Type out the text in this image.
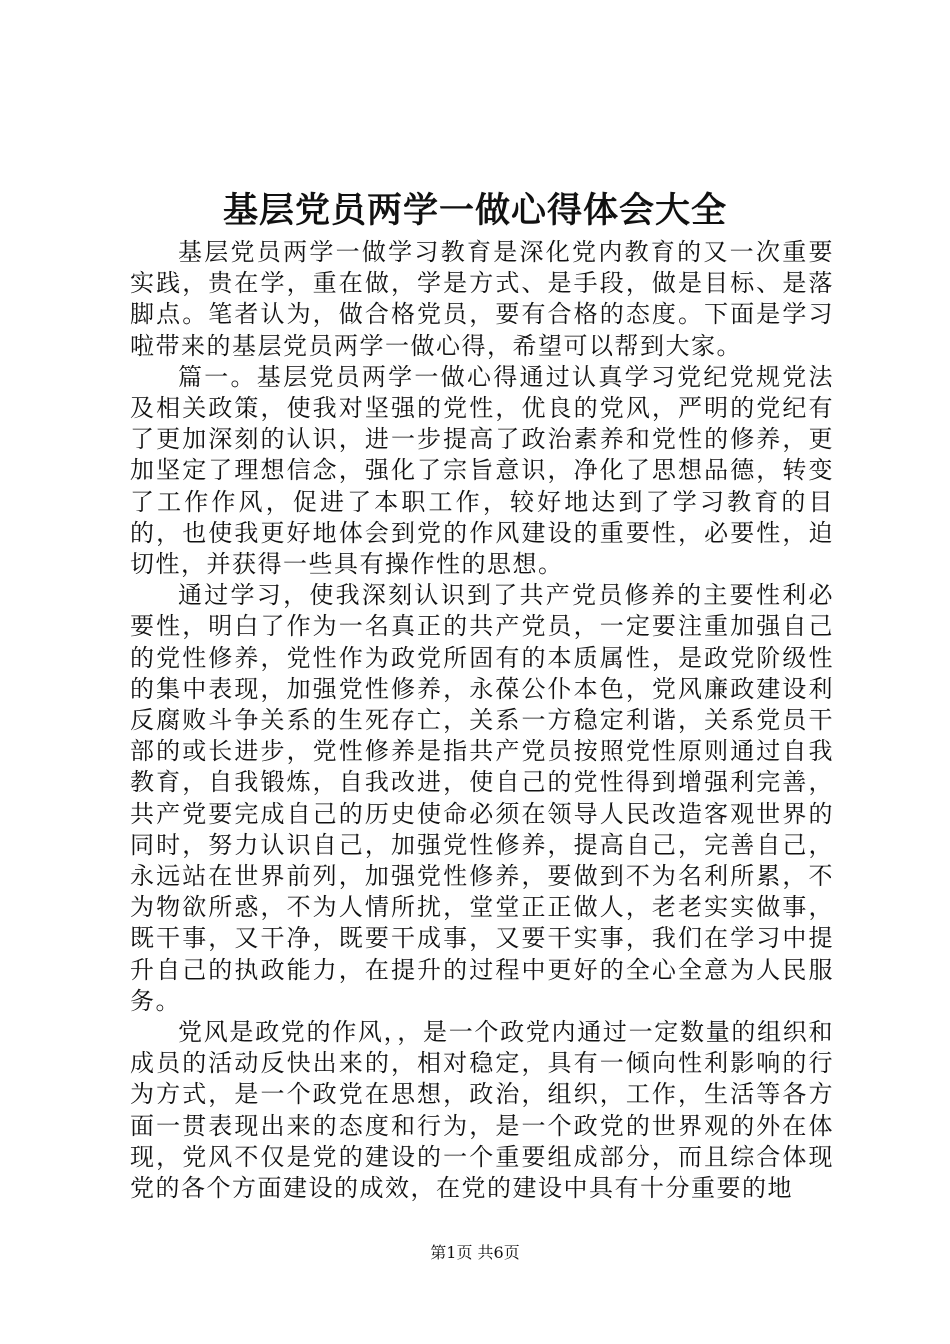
基层党员两学一做心得体会大全

基层党员两学一做学习教育是深化党内教育的又一次重要实践，贵在学，重在做，学是方式、是手段，做是目标、是落脚点。笔者认为，做合格党员，要有合格的态度。下面是学习啦带来的基层党员两学一做心得，希望可以帮到大家。

篇一。基层党员两学一做心得通过认真学习党纪党规党法及相关政策，使我对坚强的党性，优良的党风，严明的党纪有了更加深刻的认识，进一步提高了政治素养和党性的修养，更加坚定了理想信念，强化了宗旨意识，净化了思想品德，转变了工作作风，促进了本职工作，较好地达到了学习教育的目的，也使我更好地体会到党的作风建设的重要性，必要性，迫切性，并获得一些具有操作性的思想。

通过学习，使我深刻认识到了共产党员修养的主要性利必要性，明白了作为一名真正的共产党员，一定要注重加强自己的党性修养，党性作为政党所固有的本质属性，是政党阶级性的集中表现，加强党性修养，永葆公仆本色，党风廉政建设利反腐败斗争关系的生死存亡，关系一方稳定利谐，关系党员干部的或长进步，党性修养是指共产党员按照党性原则通过自我教育，自我锻炼，自我改进，使自己的党性得到增强利完善，共产党要完成自己的历史使命必须在领导人民改造客观世界的同时，努力认识自己，加强党性修养，提高自己，完善自己，永远站在世界前列，加强党性修养，要做到不为名利所累，不为物欲所惑，不为人情所扰，堂堂正正做人，老老实实做事，既干事，又干净，既要干成事，又要干实事，我们在学习中提升自己的执政能力，在提升的过程中更好的全心全意为人民服务。

党风是政党的作风，，是一个政党内通过一定数量的组织和成员的活动反快出来的，相对稳定，具有一倾向性利影响的行为方式，是一个政党在思想，政治，组织，工作，生活等各方面一贯表现出来的态度和行为，是一个政党的世界观的外在体现，党风不仅是党的建设的一个重要组成部分，而且综合体现党的各个方面建设的成效，在党的建设中具有十分重要的地

第1页 共6页
